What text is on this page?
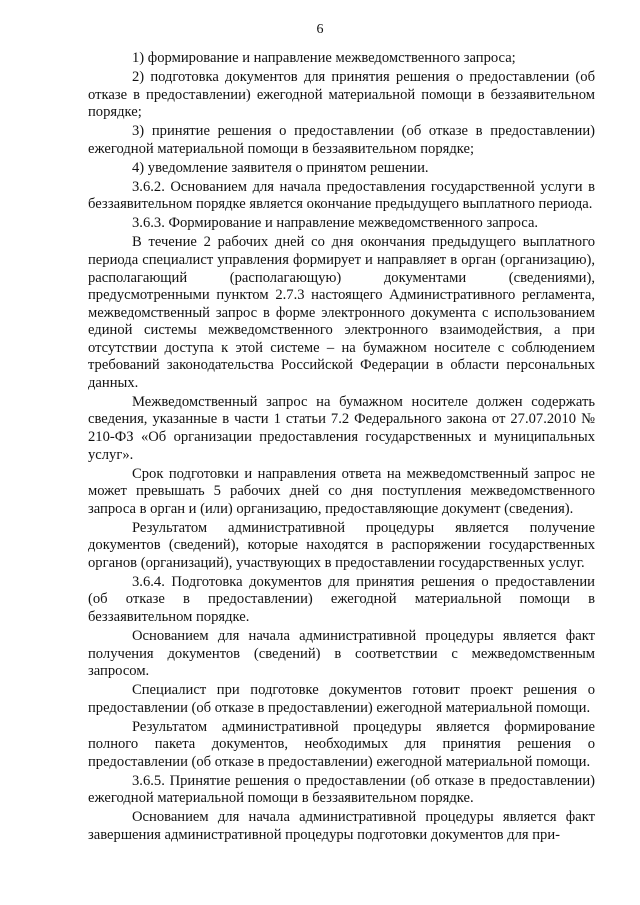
6

1) формирование и направление межведомственного запроса;

2) подготовка документов для принятия решения о предоставлении (об отказе в предоставлении) ежегодной материальной помощи в беззаявительном порядке;

3) принятие решения о предоставлении (об отказе в предоставлении) ежегодной материальной помощи в беззаявительном порядке;

4) уведомление заявителя о принятом решении.

3.6.2. Основанием для начала предоставления государственной услуги в беззаявительном порядке является окончание предыдущего выплатного периода.

3.6.3. Формирование и направление межведомственного запроса.

В течение 2 рабочих дней со дня окончания предыдущего выплатного периода специалист управления формирует и направляет в орган (организацию), располагающий (располагающую) документами (сведениями), предусмотренными пунктом 2.7.3 настоящего Административного регламента, межведомственный запрос в форме электронного документа с использованием единой системы межведомственного электронного взаимодействия, а при отсутствии доступа к этой системе – на бумажном носителе с соблюдением требований законодательства Российской Федерации в области персональных данных.

Межведомственный запрос на бумажном носителе должен содержать сведения, указанные в части 1 статьи 7.2 Федерального закона от 27.07.2010 № 210-ФЗ «Об организации предоставления государственных и муниципальных услуг».

Срок подготовки и направления ответа на межведомственный запрос не может превышать 5 рабочих дней со дня поступления межведомственного запроса в орган и (или) организацию, предоставляющие документ (сведения).

Результатом административной процедуры является получение документов (сведений), которые находятся в распоряжении государственных органов (организаций), участвующих в предоставлении государственных услуг.

3.6.4. Подготовка документов для принятия решения о предоставлении (об отказе в предоставлении) ежегодной материальной помощи в беззаявительном порядке.

Основанием для начала административной процедуры является факт получения документов (сведений) в соответствии с межведомственным запросом.

Специалист при подготовке документов готовит проект решения о предоставлении (об отказе в предоставлении) ежегодной материальной помощи.

Результатом административной процедуры является формирование полного пакета документов, необходимых для принятия решения о предоставлении (об отказе в предоставлении) ежегодной материальной помощи.

3.6.5. Принятие решения о предоставлении (об отказе в предоставлении) ежегодной материальной помощи в беззаявительном порядке.

Основанием для начала административной процедуры является факт завершения административной процедуры подготовки документов для при-
